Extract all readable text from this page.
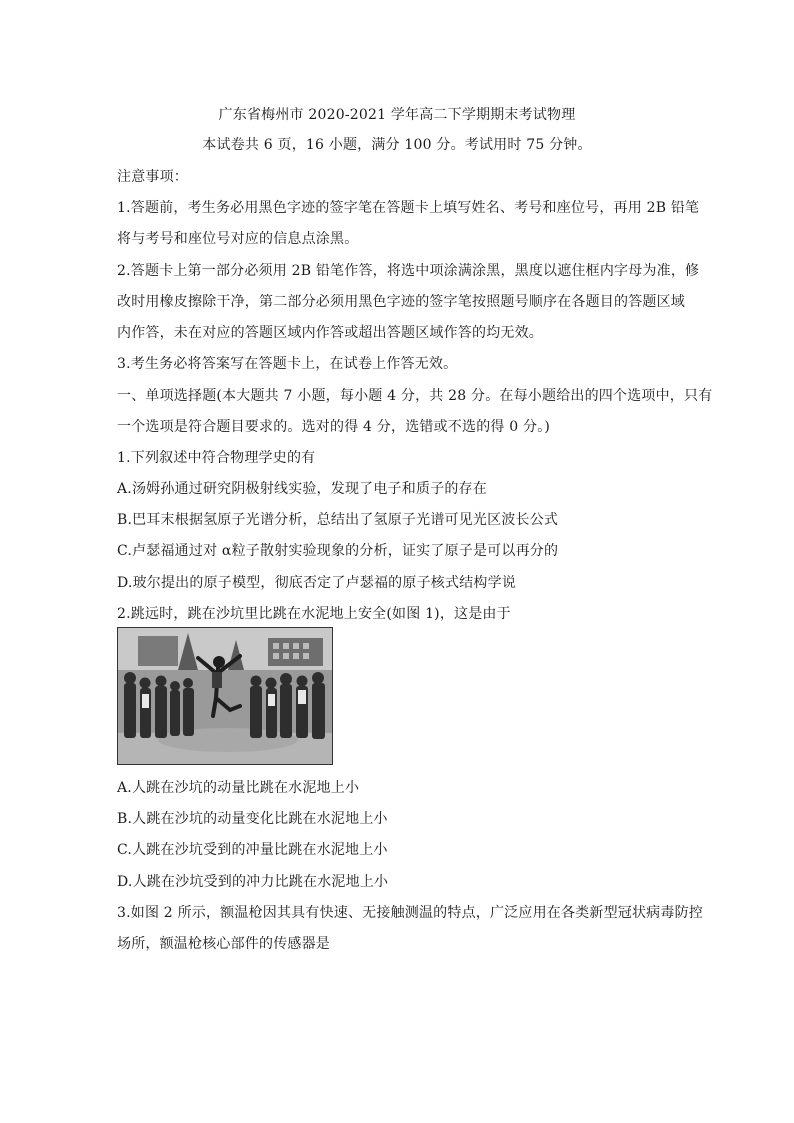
广东省梅州市 2020-2021 学年高二下学期期末考试物理
本试卷共 6 页，16 小题，满分 100 分。考试用时 75 分钟。
注意事项：
1.答题前，考生务必用黑色字迹的签字笔在答题卡上填写姓名、考号和座位号，再用 2B 铅笔
将与考号和座位号对应的信息点涂黑。
2.答题卡上第一部分必须用 2B 铅笔作答，将选中项涂满涂黑，黑度以遮住框内字母为准，修
改时用橡皮擦除干净，第二部分必须用黑色字迹的签字笔按照题号顺序在各题目的答题区域
内作答，未在对应的答题区域内作答或超出答题区域作答的均无效。
3.考生务必将答案写在答题卡上，在试卷上作答无效。
一、单项选择题(本大题共 7 小题，每小题 4 分，共 28 分。在每小题给出的四个选项中，只有
一个选项是符合题目要求的。选对的得 4 分，选错或不选的得 0 分。)
1.下列叙述中符合物理学史的有
A.汤姆孙通过研究阴极射线实验，发现了电子和质子的存在
B.巴耳末根据氢原子光谱分析，总结出了氢原子光谱可见光区波长公式
C.卢瑟福通过对 α粒子散射实验现象的分析，证实了原子是可以再分的
D.玻尔提出的原子模型，彻底否定了卢瑟福的原子核式结构学说
2.跳远时，跳在沙坑里比跳在水泥地上安全(如图 1)，这是由于
A.人跳在沙坑的动量比跳在水泥地上小
B.人跳在沙坑的动量变化比跳在水泥地上小
C.人跳在沙坑受到的冲量比跳在水泥地上小
D.人跳在沙坑受到的冲力比跳在水泥地上小
3.如图 2 所示，额温枪因其具有快速、无接触测温的特点，广泛应用在各类新型冠状病毒防控
场所，额温枪核心部件的传感器是
